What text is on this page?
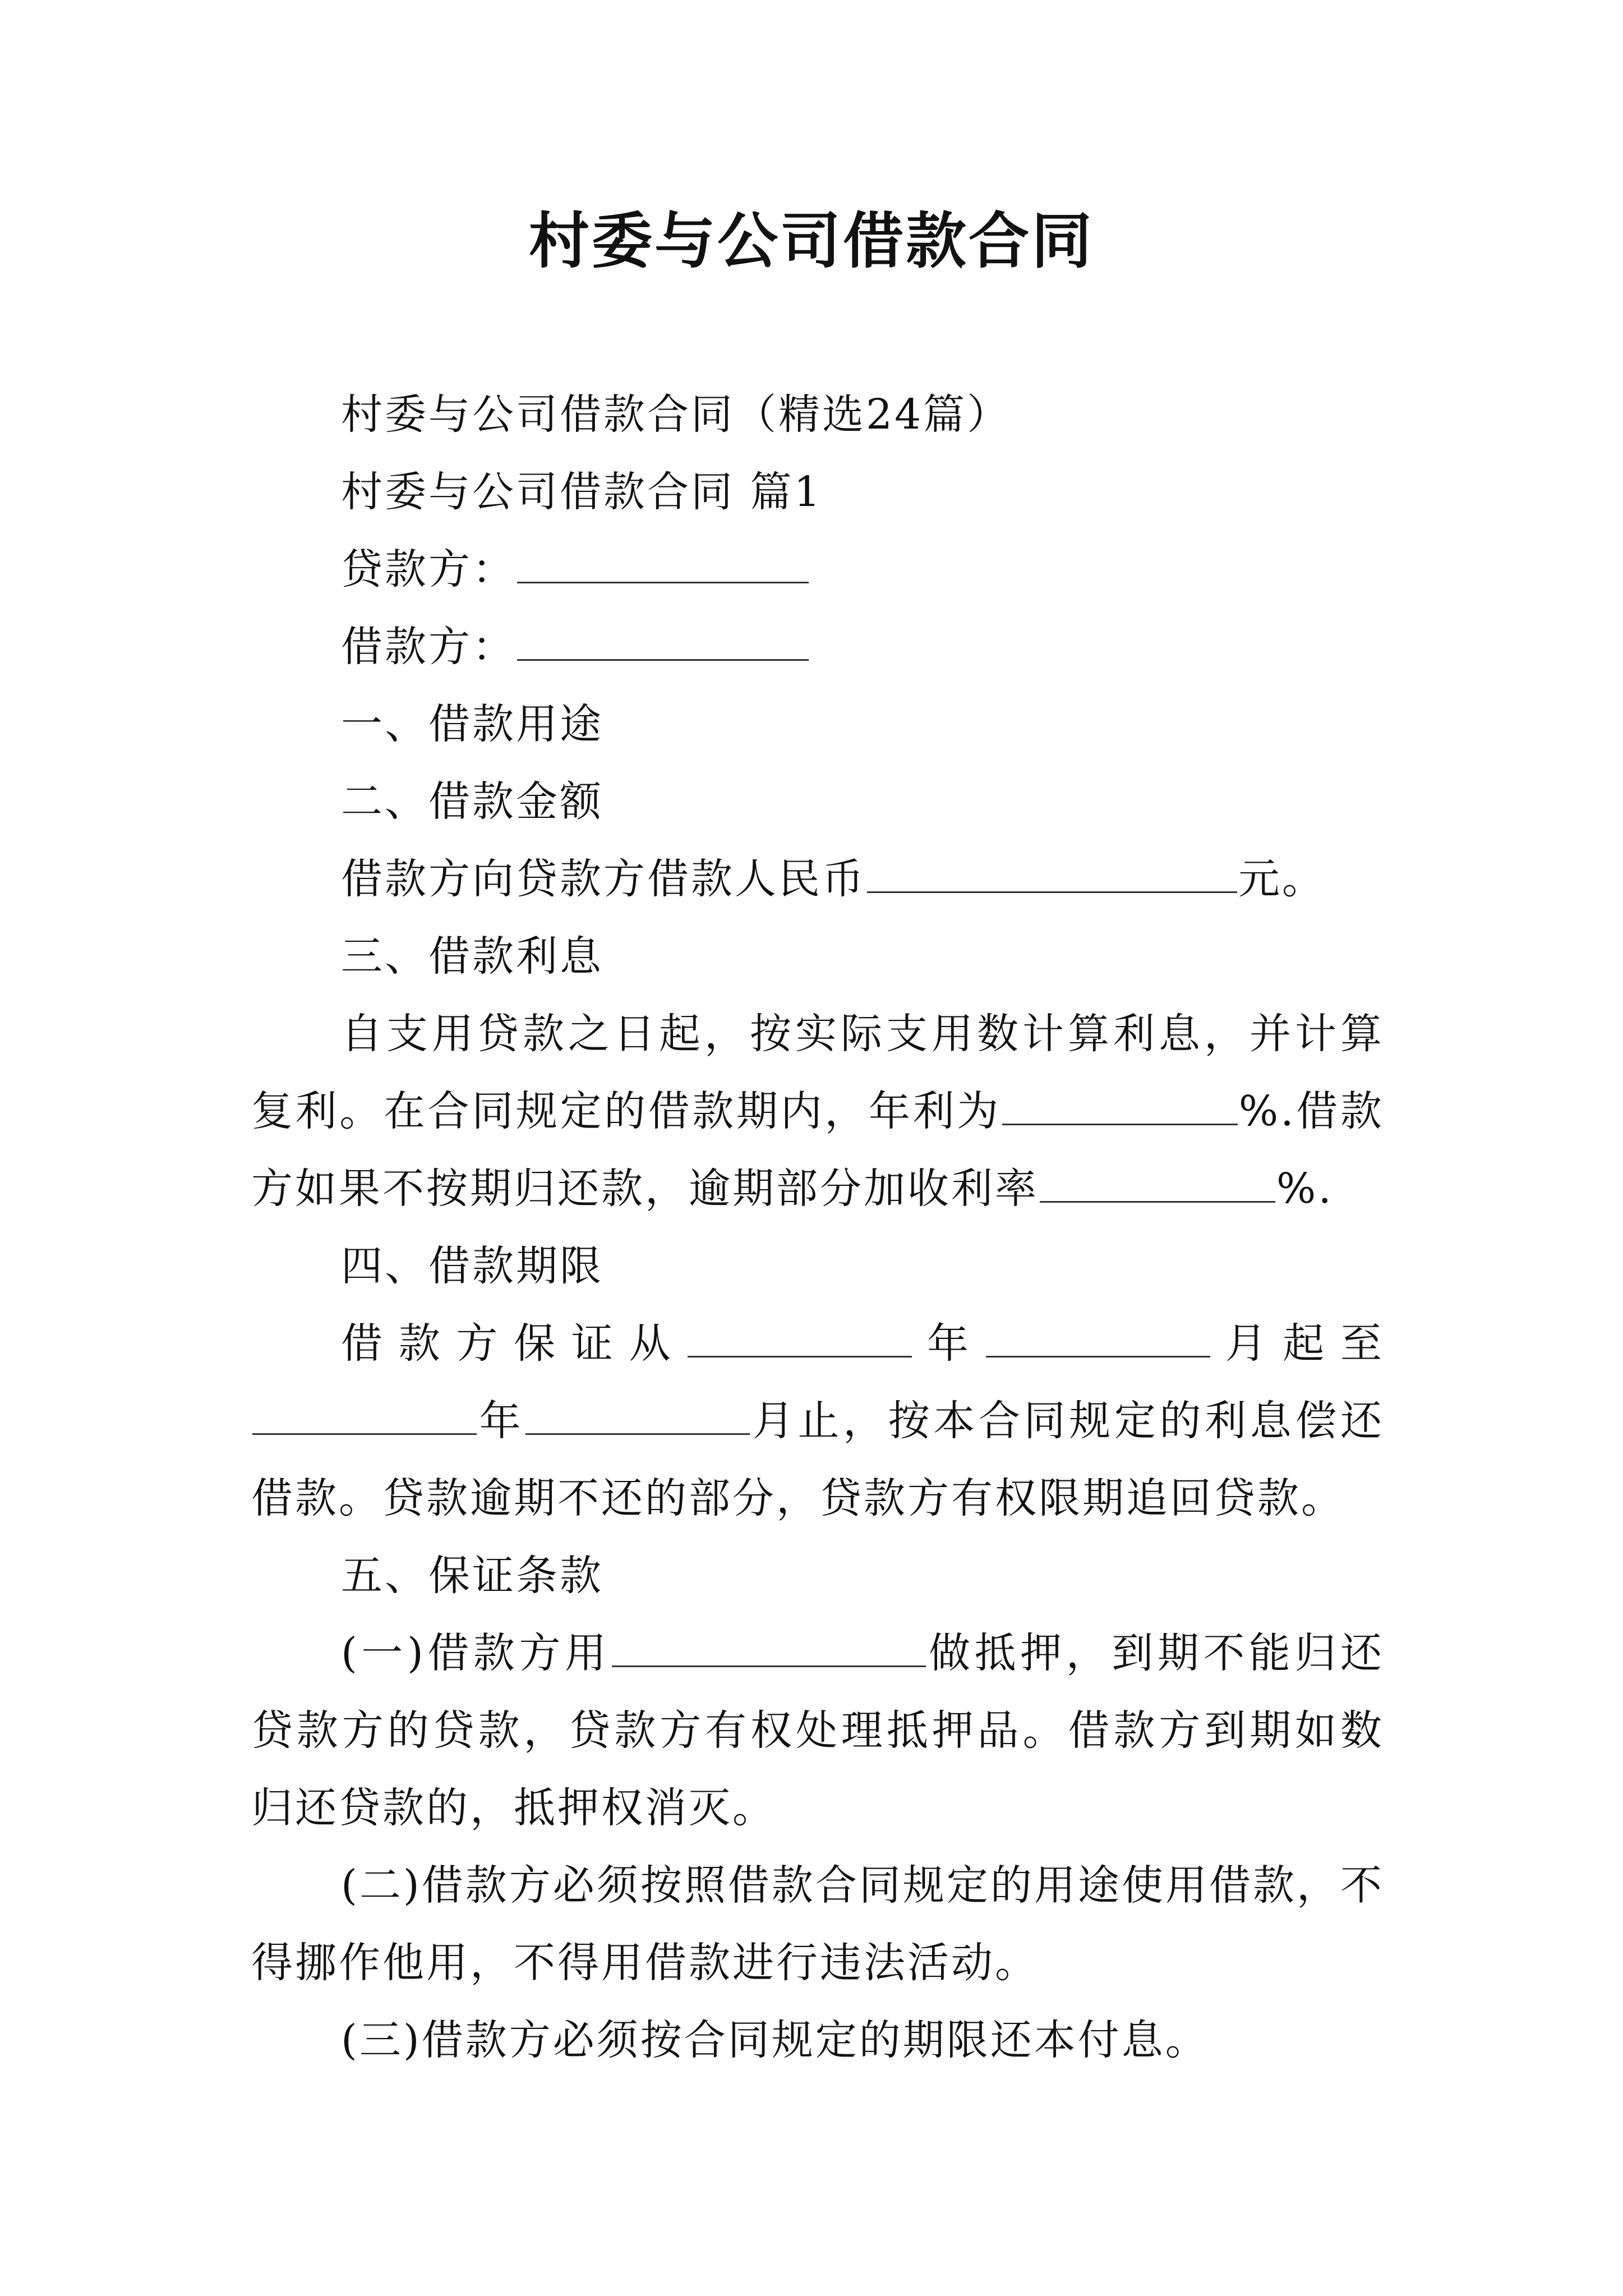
村委与公司借款合同

村委与公司借款合同（精选24篇）

村委与公司借款合同 篇1

贷款方：

借款方：

一、借款用途

二、借款金额

借款方向贷款方借款人民币	元。

三、借款利息

自支用贷款之日起，按实际支用数计算利息，并计算复利。在合同规定的借款期内，年利为	%.借款方如果不按期归还款，逾期部分加收利率	%.

四、借款期限

借 款 方 保 证 从	年	月 起 至
年	月止，按本合同规定的利息偿还借款。贷款逾期不还的部分，贷款方有权限期追回贷款。

五、保证条款

(一)借款方用	做抵押，到期不能归还贷款方的贷款，贷款方有权处理抵押品。借款方到期如数归还贷款的，抵押权消灭。

(二)借款方必须按照借款合同规定的用途使用借款，不得挪作他用，不得用借款进行违法活动。

(三)借款方必须按合同规定的期限还本付息。
